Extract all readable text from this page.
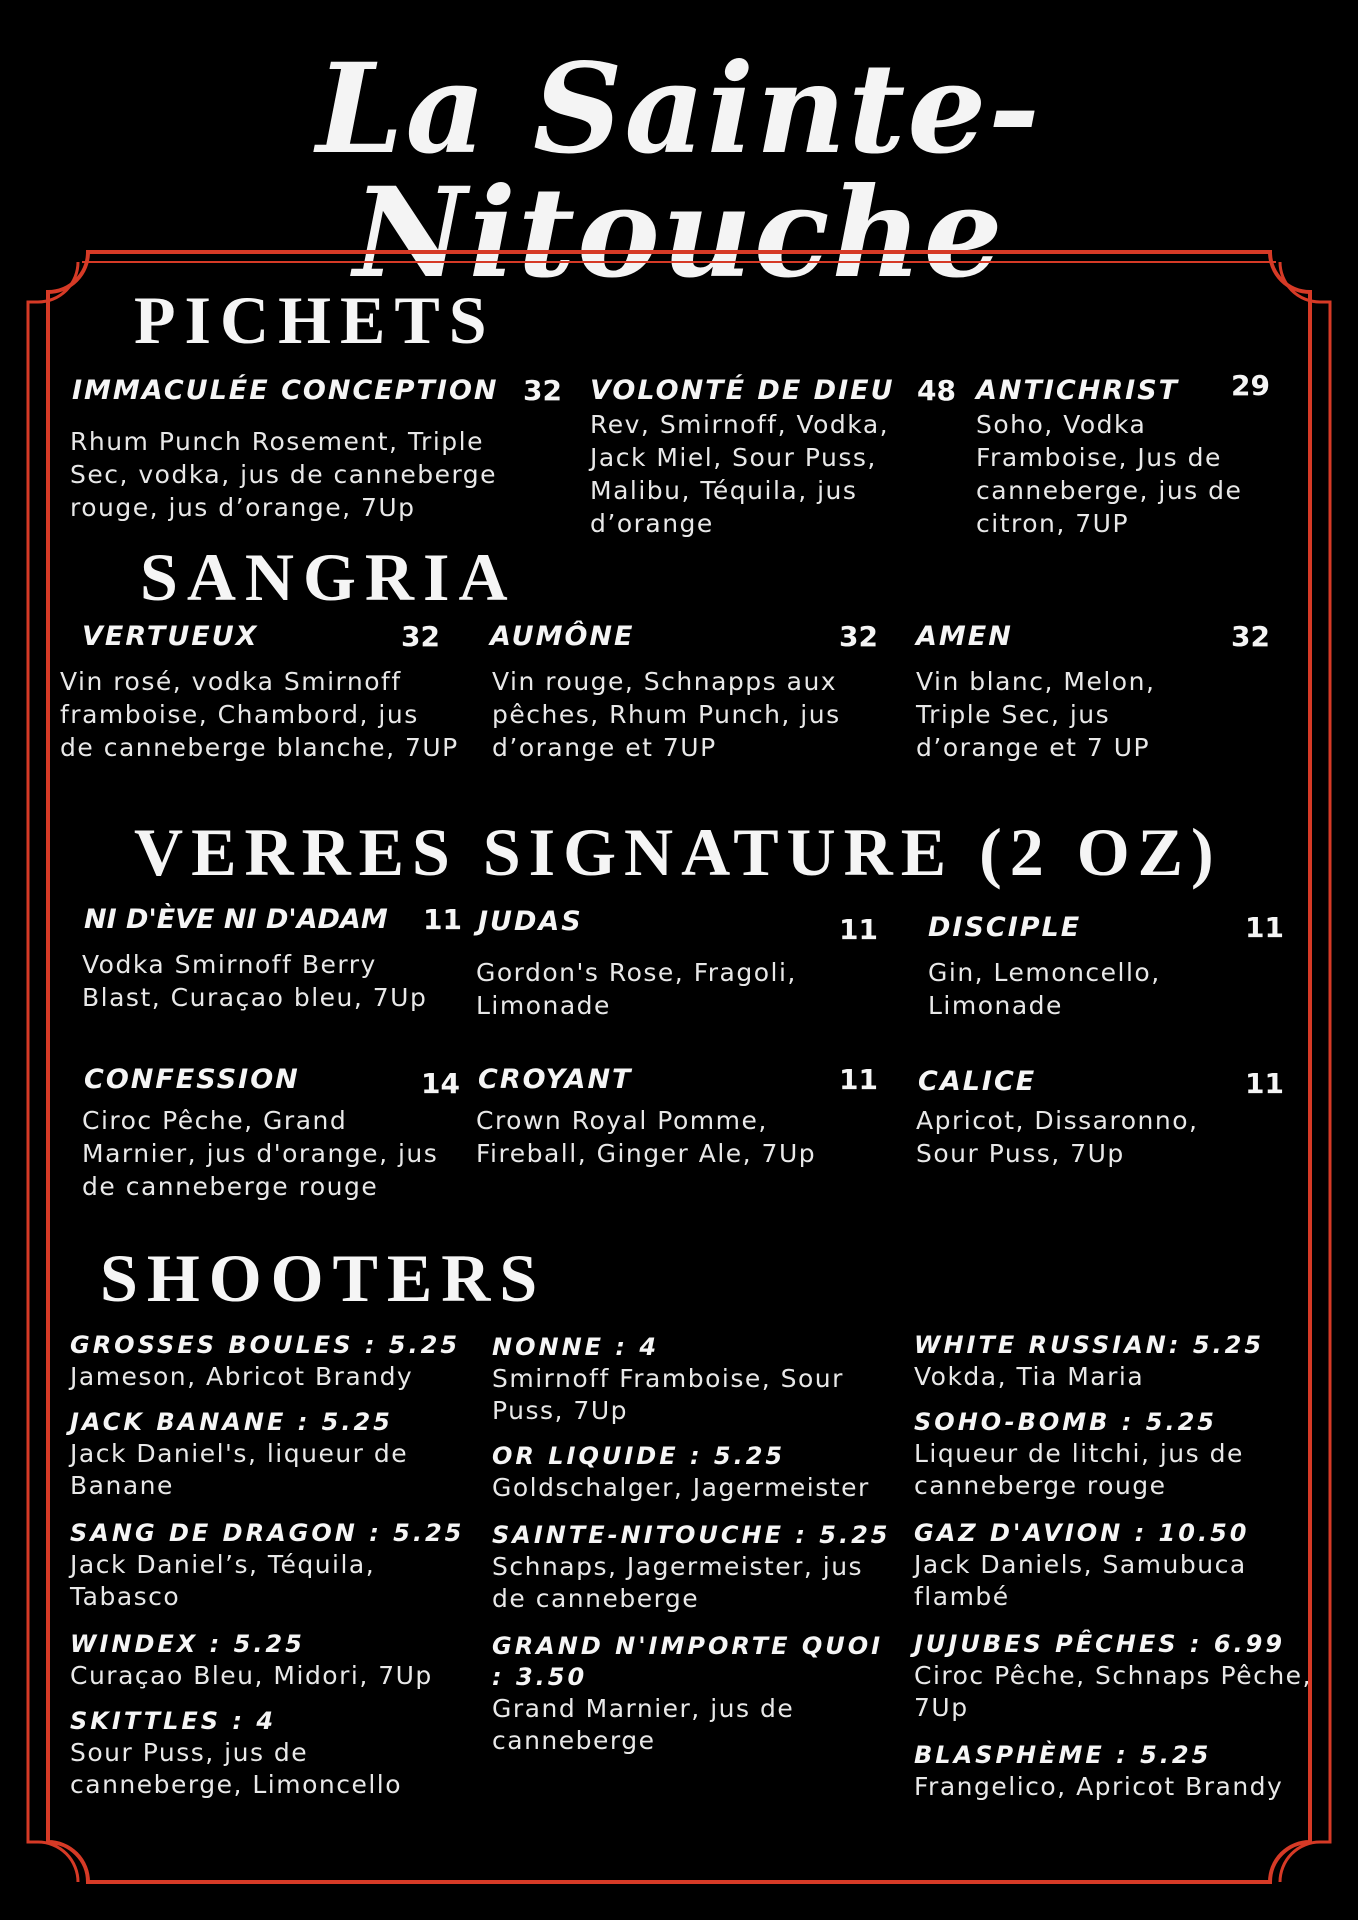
La Sainte-Nitouche
PICHETS
IMMACULÉE CONCEPTION 32
Rhum Punch Rosement, Triple Sec, vodka, jus de canneberge rouge, jus d’orange, 7Up
VOLONTÉ DE DIEU 48
Rev, Smirnoff, Vodka, Jack Miel, Sour Puss, Malibu, Téquila, jus d’orange
ANTICHRIST 29
Soho, Vodka Framboise, Jus de canneberge, jus de citron, 7UP
SANGRIA
VERTUEUX	32
Vin rosé, vodka Smirnoff framboise, Chambord, jus de canneberge blanche, 7UP
AUMÔNE	32
Vin rouge, Schnapps aux pêches, Rhum Punch, jus d’orange et 7UP
AMEN	32
Vin blanc, Melon, Triple Sec, jus d’orange et 7 UP
VERRES SIGNATURE (2 OZ)
NI D'ÈVE NI D'ADAM 11
Vodka Smirnoff Berry Blast, Curaçao bleu, 7Up
JUDAS	11
Gordon's Rose, Fragoli, Limonade
DISCIPLE	11
Gin, Lemoncello, Limonade
CONFESSION	14
Ciroc Pêche, Grand Marnier, jus d'orange, jus de canneberge rouge
CROYANT	11
Crown Royal Pomme, Fireball, Ginger Ale, 7Up
CALICE	11
Apricot, Dissaronno, Sour Puss, 7Up
SHOOTERS
GROSSES BOULES : 5.25
Jameson, Abricot Brandy
JACK BANANE : 5.25
Jack Daniel's, liqueur de Banane
SANG DE DRAGON : 5.25
Jack Daniel’s, Téquila, Tabasco
WINDEX : 5.25
Curaçao Bleu, Midori, 7Up
SKITTLES : 4
Sour Puss, jus de canneberge, Limoncello
NONNE : 4
Smirnoff Framboise, Sour Puss, 7Up
OR LIQUIDE : 5.25
Goldschalger, Jagermeister
SAINTE-NITOUCHE : 5.25
Schnaps, Jagermeister, jus de canneberge
GRAND N'IMPORTE QUOI : 3.50
Grand Marnier, jus de canneberge
WHITE RUSSIAN: 5.25
Vokda, Tia Maria
SOHO-BOMB : 5.25
Liqueur de litchi, jus de canneberge rouge
GAZ D'AVION : 10.50
Jack Daniels, Samubuca flambé
JUJUBES PÊCHES : 6.99
Ciroc Pêche, Schnaps Pêche, 7Up
BLASPHÈME : 5.25
Frangelico, Apricot Brandy
